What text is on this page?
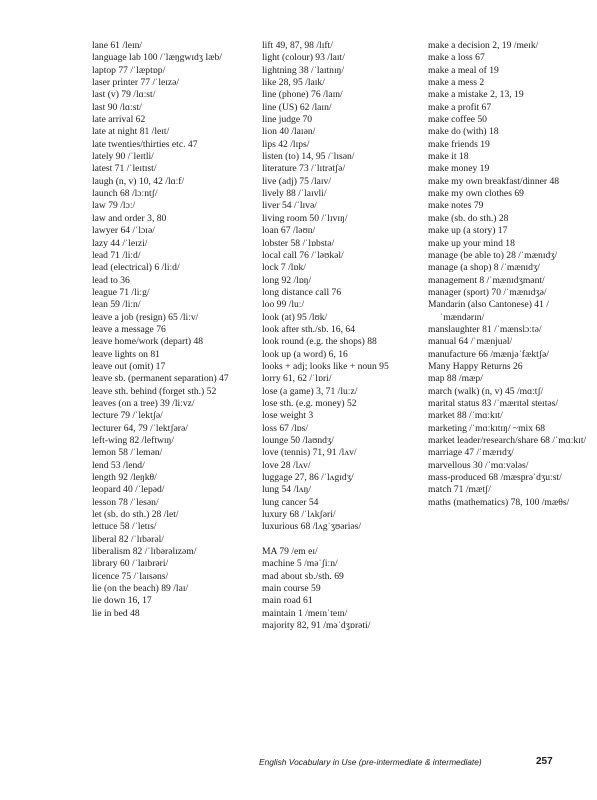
lane 61 /leɪn/
language lab 100 /ˈlæŋgwɪdʒ læb/
laptop 77 /ˈlæptɒp/
laser printer 77 /ˈleɪzə/
last (v) 79 /lɑːst/
last 90 /lɑːst/
late arrival 62
late at night 81 /leɪt/
late twenties/thirties etc. 47
lately 90 /ˈleɪtli/
latest 71 /ˈleɪtɪst/
laugh (n, v) 10, 42 /lɑːf/
launch 68 /lɔːntʃ/
law 79 /lɔː/
law and order 3, 80
lawyer 64 /ˈlɔɪə/
lazy 44 /ˈleɪzi/
lead 71 /liːd/
lead (electrical) 6 /liːd/
lead to 36
league 71 /liːg/
lean 59 /liːn/
leave a job (resign) 65 /liːv/
leave a message 76
leave home/work (depart) 48
leave lights on 81
leave out (omit) 17
leave sb. (permanent separation) 47
leave sth. behind (forget sth.) 52
leaves (on a tree) 39 /liːvz/
lecture 79 /ˈlektʃə/
lecturer 64, 79 /ˈlektʃərə/
left-wing 82 /leftwɪŋ/
lemon 58 /ˈlemən/
lend 53 /lend/
length 92 /leŋkθ/
leopard 40 /ˈlepəd/
lesson 78 /ˈlesən/
let (sb. do sth.) 28 /let/
lettuce 58 /ˈletɪs/
liberal 82 /ˈlɪbərəl/
liberalism 82 /ˈlɪbərəlɪzəm/
library 60 /ˈlaɪbrəri/
licence 75 /ˈlaɪsəns/
lie (on the beach) 89 /laɪ/
lie down 16, 17
lie in bed 48
lift 49, 87, 98 /lɪft/
light (colour) 93 /laɪt/
lightning 38 /ˈlaɪtnɪŋ/
like 28, 95 /laɪk/
line (phone) 76 /laɪn/
line (US) 62 /laɪn/
line judge 70
lion 40 /laɪən/
lips 42 /lɪps/
listen (to) 14, 95 /ˈlɪsən/
literature 73 /ˈlɪtrətʃə/
live (adj) 75 /laɪv/
lively 88 /ˈlaɪvli/
liver 54 /ˈlɪvə/
living room 50 /ˈlɪvɪŋ/
loan 67 /ləʊn/
lobster 58 /ˈlɒbstə/
local call 76 /ˈləʊkəl/
lock 7 /lɒk/
long 92 /lɒŋ/
long distance call 76
loo 99 /luː/
look (at) 95 /lʊk/
look after sth./sb. 16, 64
look round (e.g. the shops) 88
look up (a word) 6, 16
looks + adj; looks like + noun 95
lorry 61, 62 /ˈlɒri/
lose (a game) 3, 71 /luːz/
lose sth. (e.g. money) 52
lose weight 3
loss 67 /lɒs/
lounge 50 /laʊndʒ/
love (tennis) 71, 91 /lʌv/
love 28 /lʌv/
luggage 27, 86 /ˈlʌgɪdʒ/
lung 54 /lʌŋ/
lung cancer 54
luxury 68 /ˈlʌkʃəri/
luxurious 68 /lʌgˈʒʊəriəs/
MA 79 /em eɪ/
machine 5 /məˈʃiːn/
mad about sb./sth. 69
main course 59
main road 61
maintain 1 /meɪnˈteɪn/
majority 82, 91 /məˈdʒɒrəti/
make a decision 2, 19 /meɪk/
make a loss 67
make a meal of 19
make a mess 2
make a mistake 2, 13, 19
make a profit 67
make coffee 50
make do (with) 18
make friends 19
make it 18
make money 19
make my own breakfast/dinner 48
make my own clothes 69
make notes 79
make (sb. do sth.) 28
make up (a story) 17
make up your mind 18
manage (be able to) 28 /ˈmænɪdʒ/
manage (a shop) 8 /ˈmænɪdʒ/
management 8 /ˈmænɪdʒmənt/
manager (sport) 70 /ˈmænɪdʒə/
Mandarin (also Cantonese) 41 /ˈmændərɪn/
manslaughter 81 /ˈmænslɔːtə/
manual 64 /ˈmænjuəl/
manufacture 66 /mænjəˈfæktʃə/
Many Happy Returns 26
map 88 /mæp/
march (walk) (n, v) 45 /mɑːtʃ/
marital status 83 /ˈmærɪtəl steɪtəs/
market 88 /ˈmɑːkɪt/
marketing /ˈmɑːkɪtɪŋ/ ~mix 68
market leader/research/share 68 /ˈmɑːkɪt/
marriage 47 /ˈmærɪdʒ/
marvellous 30 /ˈmɑːvələs/
mass-produced 68 /mæsprəˈdʒuːst/
match 71 /mætʃ/
maths (mathematics) 78, 100 /mæθs/
English Vocabulary in Use (pre-intermediate & intermediate)	257
